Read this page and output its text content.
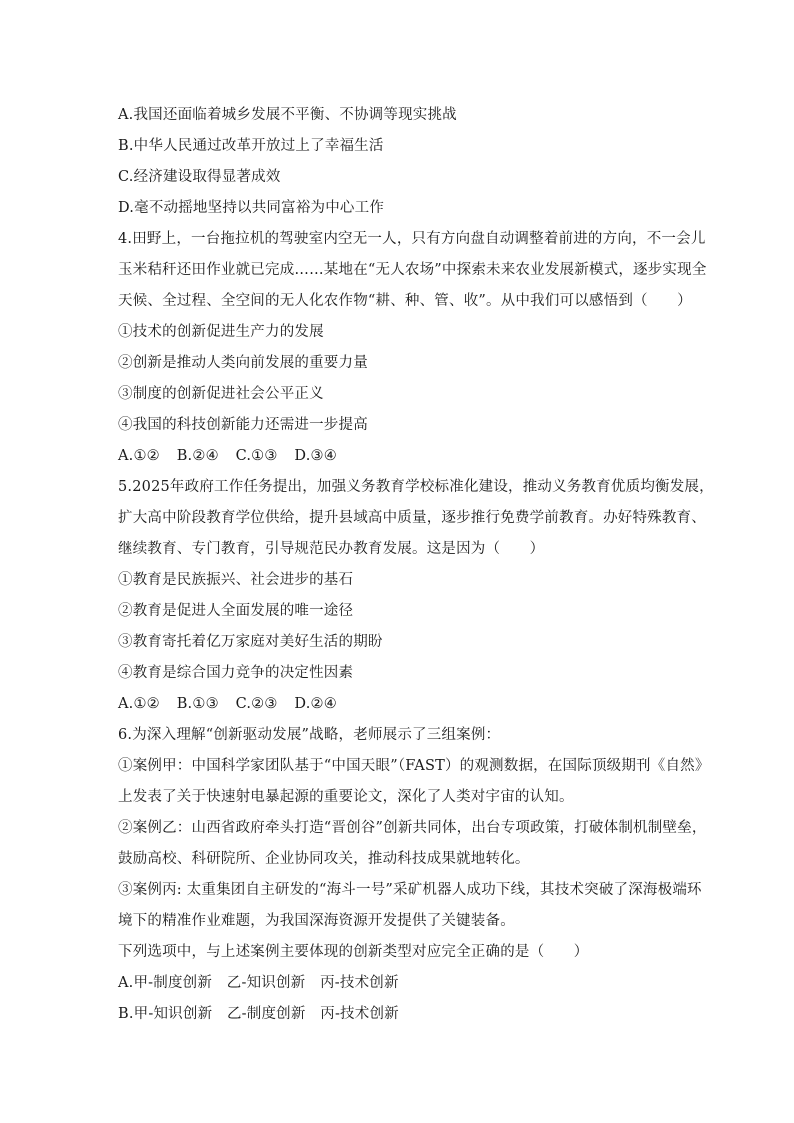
A.我国还面临着城乡发展不平衡、不协调等现实挑战
B.中华人民通过改革开放过上了幸福生活
C.经济建设取得显著成效
D.毫不动摇地坚持以共同富裕为中心工作
4.田野上，一台拖拉机的驾驶室内空无一人，只有方向盘自动调整着前进的方向，不一会儿
玉米秸秆还田作业就已完成……某地在“无人农场”中探索未来农业发展新模式，逐步实现全
天候、全过程、全空间的无人化农作物“耕、种、管、收”。从中我们可以感悟到（　　）
①技术的创新促进生产力的发展
②创新是推动人类向前发展的重要力量
③制度的创新促进社会公平正义
④我国的科技创新能力还需进一步提高
A.①② B.②④ C.①③ D.③④
5.2025年政府工作任务提出，加强义务教育学校标准化建设，推动义务教育优质均衡发展，
扩大高中阶段教育学位供给，提升县域高中质量，逐步推行免费学前教育。办好特殊教育、
继续教育、专门教育，引导规范民办教育发展。这是因为（　　）
①教育是民族振兴、社会进步的基石
②教育是促进人全面发展的唯一途径
③教育寄托着亿万家庭对美好生活的期盼
④教育是综合国力竞争的决定性因素
A.①② B.①③ C.②③ D.②④
6.为深入理解“创新驱动发展”战略，老师展示了三组案例：
①案例甲：中国科学家团队基于“中国天眼”（FAST）的观测数据，在国际顶级期刊《自然》
上发表了关于快速射电暴起源的重要论文，深化了人类对宇宙的认知。
②案例乙：山西省政府牵头打造“晋创谷”创新共同体，出台专项政策，打破体制机制壁垒，
鼓励高校、科研院所、企业协同攻关，推动科技成果就地转化。
③案例丙: 太重集团自主研发的“海斗一号”采矿机器人成功下线，其技术突破了深海极端环
境下的精准作业难题，为我国深海资源开发提供了关键装备。
下列选项中，与上述案例主要体现的创新类型对应完全正确的是（　　）
A.甲-制度创新　乙-知识创新　丙-技术创新
B.甲-知识创新　乙-制度创新　丙-技术创新
